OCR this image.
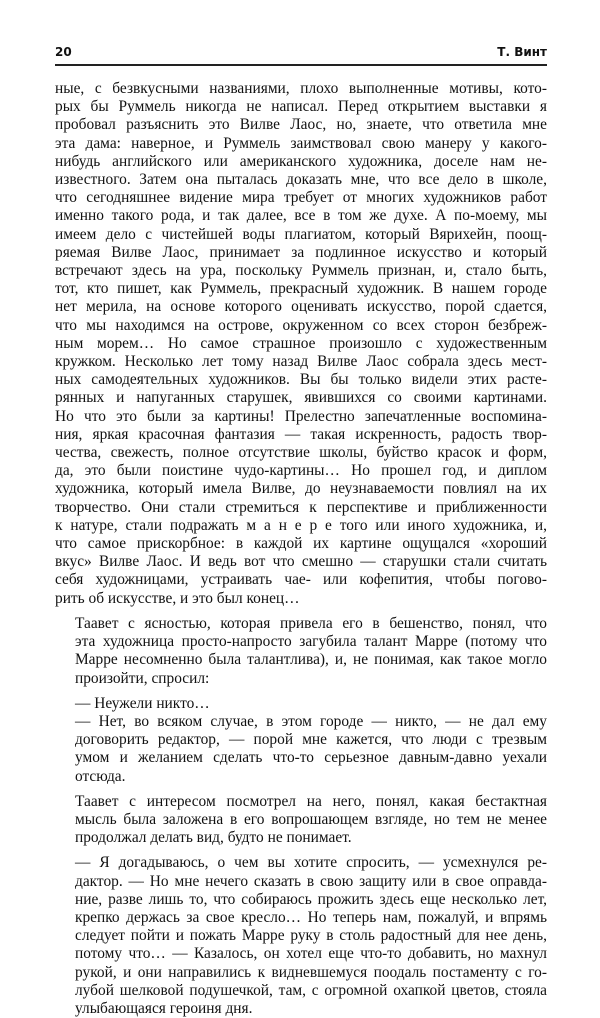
20	Т. Винт

ные, с безвкусными названиями, плохо выполненные мотивы, кото-
рых бы Руммель никогда не написал. Перед открытием выставки я
пробовал разъяснить это Вилве Лаос, но, знаете, что ответила мне
эта дама: наверное, и Руммель заимствовал свою манеру у какого-
нибудь английского или американского художника, доселе нам не-
известного. Затем она пыталась доказать мне, что все дело в школе,
что сегодняшнее видение мира требует от многих художников работ
именно такого рода, и так далее, все в том же духе. А по-моему, мы
имеем дело с чистейшей воды плагиатом, который Вярихейн, поощ-
ряемая Вилве Лаос, принимает за подлинное искусство и который
встречают здесь на ура, поскольку Руммель признан, и, стало быть,
тот, кто пишет, как Руммель, прекрасный художник. В нашем городе
нет мерила, на основе которого оценивать искусство, порой сдается,
что мы находимся на острове, окруженном со всех сторон безбреж-
ным морем… Но самое страшное произошло с художественным
кружком. Несколько лет тому назад Вилве Лаос собрала здесь мест-
ных самодеятельных художников. Вы бы только видели этих расте-
рянных и напуганных старушек, явившихся со своими картинами.
Но что это были за картины! Прелестно запечатленные воспомина-
ния, яркая красочная фантазия — такая искренность, радость твор-
чества, свежесть, полное отсутствие школы, буйство красок и форм,
да, это были поистине чудо-картины… Но прошел год, и диплом
художника, который имела Вилве, до неузнаваемости повлиял на их
творчество. Они стали стремиться к перспективе и приближенности
к натуре, стали подражать м а н е р е того или иного художника, и,
что самое прискорбное: в каждой их картине ощущался «хороший
вкус» Вилве Лаос. И ведь вот что смешно — старушки стали считать
себя художницами, устраивать чае- или кофепития, чтобы погово-
рить об искусстве, и это был конец…

Таавет с ясностью, которая привела его в бешенство, понял, что
эта художница просто-напросто загубила талант Марре (потому что
Марре несомненно была талантлива), и, не понимая, как такое могло
произойти, спросил:

— Неужели никто…

— Нет, во всяком случае, в этом городе — никто, — не дал ему
договорить редактор, — порой мне кажется, что люди с трезвым
умом и желанием сделать что-то серьезное давным-давно уехали
отсюда.

Таавет с интересом посмотрел на него, понял, какая бестактная
мысль была заложена в его вопрошающем взгляде, но тем не менее
продолжал делать вид, будто не понимает.

— Я догадываюсь, о чем вы хотите спросить, — усмехнулся ре-
дактор. — Но мне нечего сказать в свою защиту или в свое оправда-
ние, разве лишь то, что собираюсь прожить здесь еще несколько лет,
крепко держась за свое кресло… Но теперь нам, пожалуй, и впрямь
следует пойти и пожать Марре руку в столь радостный для нее день,
потому что… — Казалось, он хотел еще что-то добавить, но махнул
рукой, и они направились к видневшемуся поодаль постаменту с го-
лубой шелковой подушечкой, там, с огромной охапкой цветов, стояла
улыбающаяся героиня дня.
